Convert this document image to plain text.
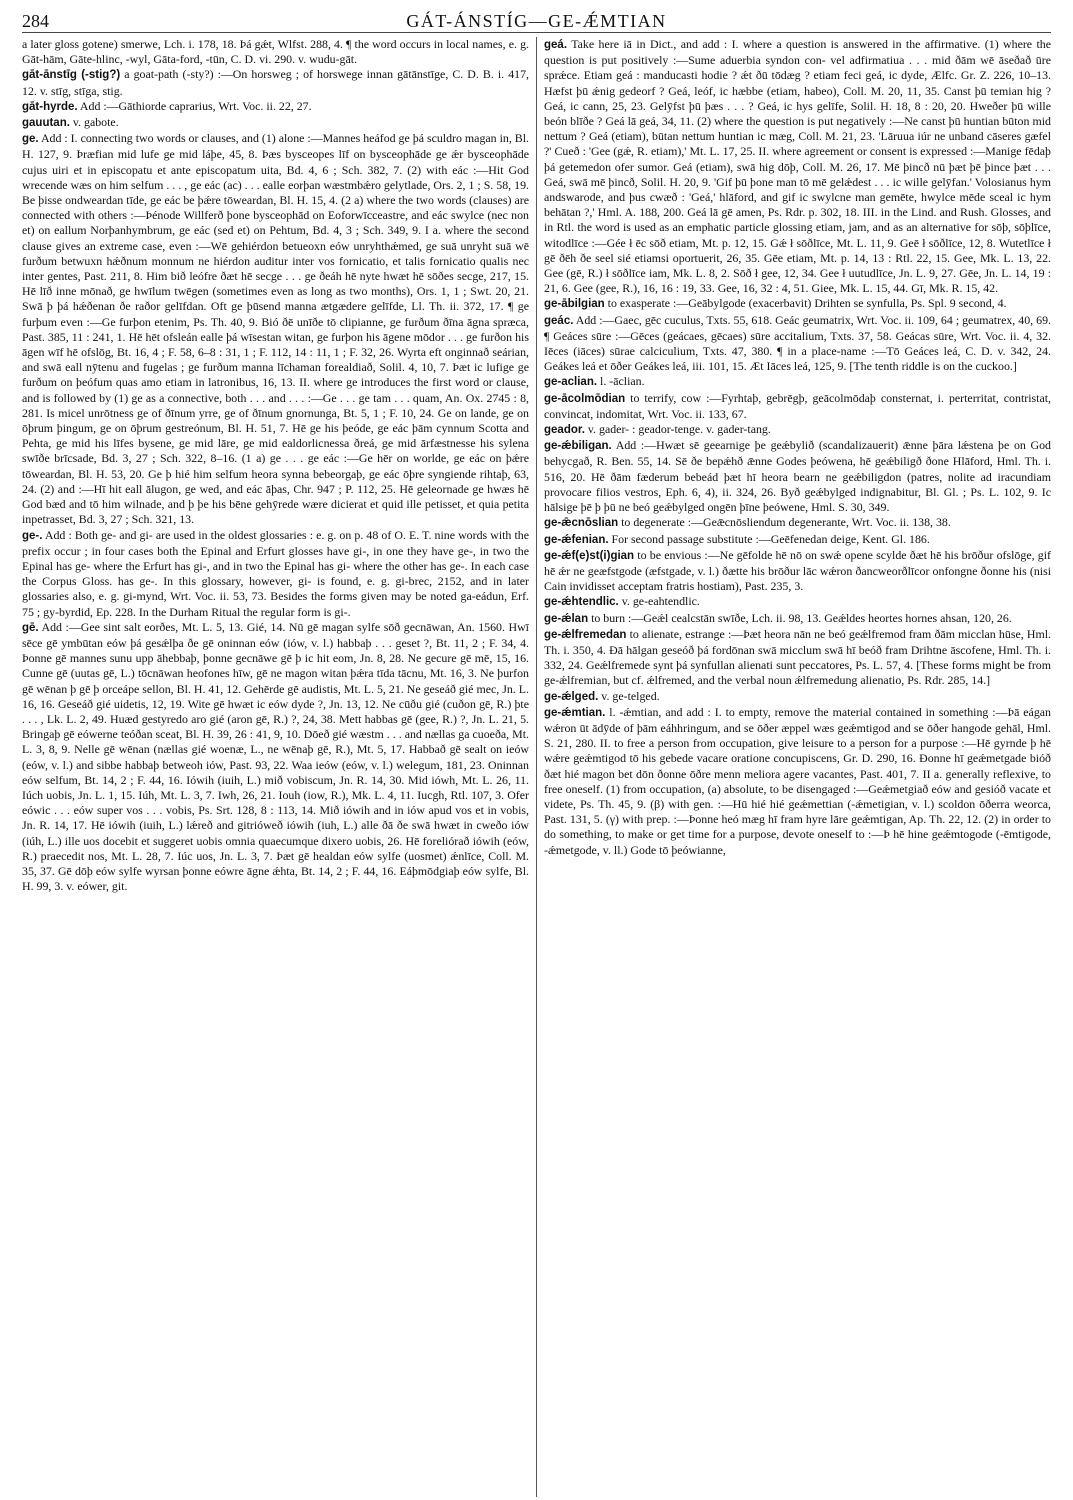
284	GÁT-ÁNSTÍG—GE-ǼMTIAN

a later gloss gotene) smerwe, Lch. i. 178, 18. Þá gǽt, Wlfst. 288, 4. ¶ the word occurs in local names, e. g. Gāt-hām, Gāte-hlinc, -wyl, Gāta-ford, -tūn, C. D. vi. 290. v. wudu-gāt.

gāt-ānstīg (-stig?) a goat-path (-sty?) :—On horsweg ; of horswege innan gātānstīge, C. D. B. i. 417, 12. v. stīg, stīga, stig.

gāt-hyrde. Add :—Gāthiorde caprarius, Wrt. Voc. ii. 22, 27.

gauutan. v. gabote.

ge. Add : I. connecting two words or clauses, and (1) alone :—Mannes heáfod ge þá sculdro magan in, Bl. H. 127, 9. Þræfian mid lufe ge mid láþe, 45, 8. Þæs bysceopes līf on bysceophāde ge ǽr bysceophāde cujus uiri et in episcopatu et ante episcopatum uita, Bd. 4, 6 ; Sch. 382, 7. (2) with eác :—Hit God wrecende wæs on him selfum . . . , ge eác (ac) . . . ealle eorþan wæstmbǽro gelytlade, Ors. 2, 1 ; S. 58, 19. Be þisse ondweardan tīde, ge eác be þǽre tōweardan, Bl. H. 15, 4. (2 a) where the two words (clauses) are connected with others :—Þénode Willferð þone bysceophād on Eoforwīcceastre, and eác swylce (nec non et) on eallum Norþanhymbrum, ge eác (sed et) on Pehtum, Bd. 4, 3 ; Sch. 349, 9. I a. where the second clause gives an extreme case, even :—Wē gehiérdon betueoxn eów unryhthǽmed, ge suā unryht suā wē furðum betwuxn hǽðnum monnum ne hiérdon auditur inter vos fornicatio, et talis fornicatio qualis nec inter gentes, Past. 211, 8. Him bið leófre ðæt hē secge . . . ge ðeáh hē nyte hwæt hē sōðes secge, 217, 15. Hē līð inne mōnað, ge hwīlum twēgen (sometimes even as long as two months), Ors. 1, 1 ; Swt. 20, 21. Swā þ þá hǽðenan ðe raðor gelīfdan. Oft ge þūsend manna ætgædere gelīfde, Ll. Th. ii. 372, 17. ¶ ge furþum even :—Ge furþon etenim, Ps. Th. 40, 9. Bió ðē unīðe tō clipianne, ge furðum ðīna āgna spræca, Past. 385, 11 : 241, 1. Hē hēt ofsleán ealle þá wīsestan witan, ge furþon his āgene mōdor . . . ge furðon his āgen wīf hē ofslōg, Bt. 16, 4 ; F. 58, 6–8 : 31, 1 ; F. 112, 14 : 11, 1 ; F. 32, 26. Wyrta eft onginnað seárian, and swā eall nȳtenu and fugelas ; ge furðum manna līchaman forealdiað, Solil. 4, 10, 7. Þæt ic lufige ge furðum on þeófum quas amo etiam in latronibus, 16, 13. II. where ge introduces the first word or clause, and is followed by (1) ge as a connective, both . . . and . . . :—Ge . . . ge tam . . . quam, An. Ox. 2745 : 8, 281. Is micel unrōtness ge of ðīnum yrre, ge of ðīnum gnornunga, Bt. 5, 1 ; F. 10, 24. Ge on lande, ge on ōþrum þingum, ge on ōþrum gestreónum, Bl. H. 51, 7. Hē ge his þeóde, ge eác þām cynnum Scotta and Pehta, ge mid his līfes bysene, ge mid lāre, ge mid ealdorlicnessa ðreá, ge mid ārfæstnesse his sylena swīðe brīcsade, Bd. 3, 27 ; Sch. 322, 8–16. (1 a) ge . . . ge eác :—Ge hēr on worlde, ge eác on þǽre tōweardan, Bl. H. 53, 20. Ge þ hié him selfum heora synna bebeorgaþ, ge eác ōþre syngiende rihtaþ, 63, 24. (2) and :—Hī hit eall ālugon, ge wed, and eác āþas, Chr. 947 ; P. 112, 25. Hē geleornade ge hwæs hē God bæd and tō him wilnade, and þ þe his bēne gehȳrede wære dicierat et quid ille petisset, et quia petita inpetrasset, Bd. 3, 27 ; Sch. 321, 13.

ge-. Add : Both ge- and gi- are used in the oldest glossaries : e. g. on p. 48 of O. E. T. nine words with the prefix occur ; in four cases both the Epinal and Erfurt glosses have gi-, in one they have ge-, in two the Epinal has ge- where the Erfurt has gi-, and in two the Epinal has gi- where the other has ge-. In each case the Corpus Gloss. has ge-. In this glossary, however, gi- is found, e. g. gi-brec, 2152, and in later glossaries also, e. g. gi-mynd, Wrt. Voc. ii. 53, 73. Besides the forms given may be noted ga-eádun, Erf. 75 ; gy-byrdid, Ep. 228. In the Durham Ritual the regular form is gi-.

gē. Add :—Gee sint salt eorðes, Mt. L. 5, 13. Gié, 14. Nū gē magan sylfe sōð gecnāwan, An. 1560. Hwī sēce gē ymbūtan eów þá gesǽlþa ðe gē oninnan eów (iów, v. l.) habbaþ . . . geset ?, Bt. 11, 2 ; F. 34, 4. Þonne gē mannes sunu upp āhebbaþ, þonne gecnāwe gē þ ic hit eom, Jn. 8, 28. Ne gecure gē mē, 15, 16. Cunne gē (uutas gē, L.) tōcnāwan heofones hīw, gē ne magon witan þǽra tīda tācnu, Mt. 16, 3. Ne þurfon gē wēnan þ gē þ orceápe sellon, Bl. H. 41, 12. Gehērde gē audistis, Mt. L. 5, 21. Ne geseáð gié mec, Jn. L. 16, 16. Geseáð gié uidetis, 12, 19. Wite gē hwæt ic eów dyde ?, Jn. 13, 12. Ne cūðu gié (cuðon gē, R.) þte . . . , Lk. L. 2, 49. Huæd gestyredo aro gié (aron gē, R.) ?, 24, 38. Mett habbas gē (gee, R.) ?, Jn. L. 21, 5. Bringaþ gē eówerne teóðan sceat, Bl. H. 39, 26 : 41, 9, 10. Dōeð gié wæstm . . . and nællas ga cuoeða, Mt. L. 3, 8, 9. Nelle gē wēnan (nællas gié woenæ, L., ne wēnaþ gē, R.), Mt. 5, 17. Habbað gē sealt on ieów (eów, v. l.) and sibbe habbaþ betweoh iów, Past. 93, 22. Waa ieów (eów, v. l.) welegum, 181, 23. Oninnan eów selfum, Bt. 14, 2 ; F. 44, 16. Iówih (iuih, L.) mið vobiscum, Jn. R. 14, 30. Mid iówh, Mt. L. 26, 11. Iúch uobis, Jn. L. 1, 15. Iúh, Mt. L. 3, 7. Iwh, 26, 21. Iouh (iow, R.), Mk. L. 4, 11. Iucgh, Rtl. 107, 3. Ofer eówic . . . eów super vos . . . vobis, Ps. Srt. 128, 8 : 113, 14. Mið iówih and in iów apud vos et in vobis, Jn. R. 14, 17. Hē iówih (iuih, L.) lǽreð and gitrióweð iówih (iuh, L.) alle ðā ðe swā hwæt in cweðo iów (iúh, L.) ille uos docebit et suggeret uobis omnia quaecumque dixero uobis, 26. Hē foreliórað iówih (eów, R.) praecedit nos, Mt. L. 28, 7. Iúc uos, Jn. L. 3, 7. Þæt gē healdan eów sylfe (uosmet) ǽnlīce, Coll. M. 35, 37. Gē dōþ eów sylfe wyrsan þonne eówre āgne ǽhta, Bt. 14, 2 ; F. 44, 16. Eáþmōdgiaþ eów sylfe, Bl. H. 99, 3. v. eówer, git.

geá. Take here iā in Dict., and add : I. where a question is answered in the affirmative. (1) where the question is put positively :—Sume aduerbia syndon con- vel adfirmatiua . . . mid ðām wē āseðað ūre sprǽce. Etiam geá : manducasti hodie ? ǽt ðū tōdæg ? etiam feci geá, ic dyde, Ælfc. Gr. Z. 226, 10–13. Hæfst þū ǽnig gedeorf ? Geá, leóf, ic hæbbe (etiam, habeo), Coll. M. 20, 11, 35. Canst þū temian hig ? Geá, ic cann, 25, 23. Gelȳfst þū þæs . . . ? Geá, ic hys gelīfe, Solil. H. 18, 8 : 20, 20. Hweðer þū wille beón blīðe ? Geá lā geá, 34, 11. (2) where the question is put negatively :—Ne canst þū huntian būton mid nettum ? Geá (etiam), būtan nettum huntian ic mæg, Coll. M. 21, 23. 'Lāruua iúr ne unband cāseres gæfel ?' Cueð : 'Gee (gǽ, R. etiam),' Mt. L. 17, 25. II. where agreement or consent is expressed :—Manige fēdaþ þá getemedon ofer sumor. Geá (etiam), swā hig dōþ, Coll. M. 26, 17. Mē þincð nū þæt þē þince þæt . . . Geá, swā mē þincð, Solil. H. 20, 9. 'Gif þū þone man tō mē gelǽdest . . . ic wille gelȳfan.' Volosianus hym andswarode, and þus cwæð : 'Geá,' hlāford, and gif ic swylcne man gemēte, hwylce mēde sceal ic hym behātan ?,' Hml. A. 188, 200. Geá lā gē amen, Ps. Rdr. p. 302, 18. III. in the Lind. and Rush. Glosses, and in Rtl. the word is used as an emphatic particle glossing etiam, jam, and as an alternative for sōþ, sōþlīce, witodlīce :—Gée ł ēc sōð etiam, Mt. p. 12, 15. Gǽ ł sōðlīce, Mt. L. 11, 9. Geē ł sōðlīce, 12, 8. Wutetlīce ł gē ðēh ðe seel sié etiamsi oportuerit, 26, 35. Gēe etiam, Mt. p. 14, 13 : Rtl. 22, 15. Gee, Mk. L. 13, 22. Gee (gē, R.) ł sōðlīce iam, Mk. L. 8, 2. Sōð ł gee, 12, 34. Gee ł uutudlīce, Jn. L. 9, 27. Gēe, Jn. L. 14, 19 : 21, 6. Gee (gee, R.), 16, 16 : 19, 33. Gee, 16, 32 : 4, 51. Giee, Mk. L. 15, 44. Gī, Mk. R. 15, 42.

ge-ābilgian to exasperate :—Geābylgode (exacerbavit) Drihten se synfulla, Ps. Spl. 9 second, 4.

geác. Add :—Gaec, gēc cuculus, Txts. 55, 618. Geác geumatrix, Wrt. Voc. ii. 109, 64 ; geumatrex, 40, 69. ¶ Geáces sūre :—Gēces (geácaes, gēcaes) sūre accitalium, Txts. 37, 58. Geácas sūre, Wrt. Voc. ii. 4, 32. Iēces (iāces) sūrae calciculium, Txts. 47, 380. ¶ in a place-name :—Tō Geáces leá, C. D. v. 342, 24. Geákes leá et ōðer Geákes leá, iii. 101, 15. Æt Iāces leá, 125, 9. [The tenth riddle is on the cuckoo.]

ge-aclian. l. -āclian.

ge-ācolmōdian to terrify, cow :—Fyrhtaþ, gebrēgþ, geācolmōdaþ consternat, i. perterritat, contristat, convincat, indomitat, Wrt. Voc. ii. 133, 67.

geador. v. gader- : geador-tenge. v. gader-tang.

ge-ǽbiligan. Add :—Hwæt sē geearnige þe geǽbylið (scandalizauerit) ǣnne þāra lǽstena þe on God behycgað, R. Ben. 55, 14. Sē ðe bepǽhð ǣnne Godes þeówena, hē geǽbiligð ðone Hlāford, Hml. Th. i. 516, 20. Hē ðām fæderum bebeád þæt hī heora bearn ne geǽbiligdon (patres, nolite ad iracundiam provocare filios vestros, Eph. 6, 4), ii. 324, 26. Byð geǽbylged indignabitur, Bl. Gl. ; Ps. L. 102, 9. Ic hālsige þē þ þū ne beó geǽbylged ongēn þīne þeówene, Hml. S. 30, 349.

ge-ǣcnōslian to degenerate :—Geǣcnōsliendum degenerante, Wrt. Voc. ii. 138, 38.

ge-ǽfenian. For second passage substitute :—Geēfenedan deige, Kent. Gl. 186.

ge-ǽf(e)st(i)gian to be envious :—Ne gēfolde hē nō on swǽ opene scylde ðæt hē his brōður ofslōge, gif hē ǽr ne geæfstgode (æfstgade, v. l.) ðætte his brōður lāc wǽron ðancweorðlīcor onfongne ðonne his (nisi Cain invidisset acceptam fratris hostiam), Past. 235, 3.

ge-ǽhtendlic. v. ge-eahtendlic.

ge-ǽlan to burn :—Geǽl cealcstān swīðe, Lch. ii. 98, 13. Geǽldes heortes hornes ahsan, 120, 26.

ge-ǽlfremedan to alienate, estrange :—Þæt heora nān ne beó geǽlfremod fram ðām micclan hūse, Hml. Th. i. 350, 4. Ðā hālgan geseóð þá fordōnan swā micclum swā hī beóð fram Drihtne āscofene, Hml. Th. i. 332, 24. Geǽlfremede synt þá synfullan alienati sunt peccatores, Ps. L. 57, 4. [These forms might be from ge-ǽlfremian, but cf. ǽlfremed, and the verbal noun ǽlfremedung alienatio, Ps. Rdr. 285, 14.]

ge-ǽlged. v. ge-telged.

ge-ǽmtian. l. -ǽmtian, and add : I. to empty, remove the material contained in something :—Þā eágan wǽron ūt ādȳde of þām eáhhringum, and se ōðer æppel wæs geǽmtigod and se ōðer hangode gehāl, Hml. S. 21, 280. II. to free a person from occupation, give leisure to a person for a purpose :—Hē gyrnde þ hē wǽre geǽmtigod tō his gebede vacare oratione concupiscens, Gr. D. 290, 16. Ðonne hī geǽmetgade bióð ðæt hié magon bet dōn ðonne ōðre menn meliora agere vacantes, Past. 401, 7. II a. generally reflexive, to free oneself. (1) from occupation, (a) absolute, to be disengaged :—Geǽmetgiað eów and gesióð vacate et videte, Ps. Th. 45, 9. (β) with gen. :—Hū hié hié geǽmettian (-ǽmetigian, v. l.) scoldon ōðerra weorca, Past. 131, 5. (γ) with prep. :—Þonne heó mæg hī fram hyre lāre geǽmtigan, Ap. Th. 22, 12. (2) in order to do something, to make or get time for a purpose, devote oneself to :—Þ hē hine geǽmtogode (-ēmtigode, -ǽmetgode, v. ll.) Gode tō þeówianne,
